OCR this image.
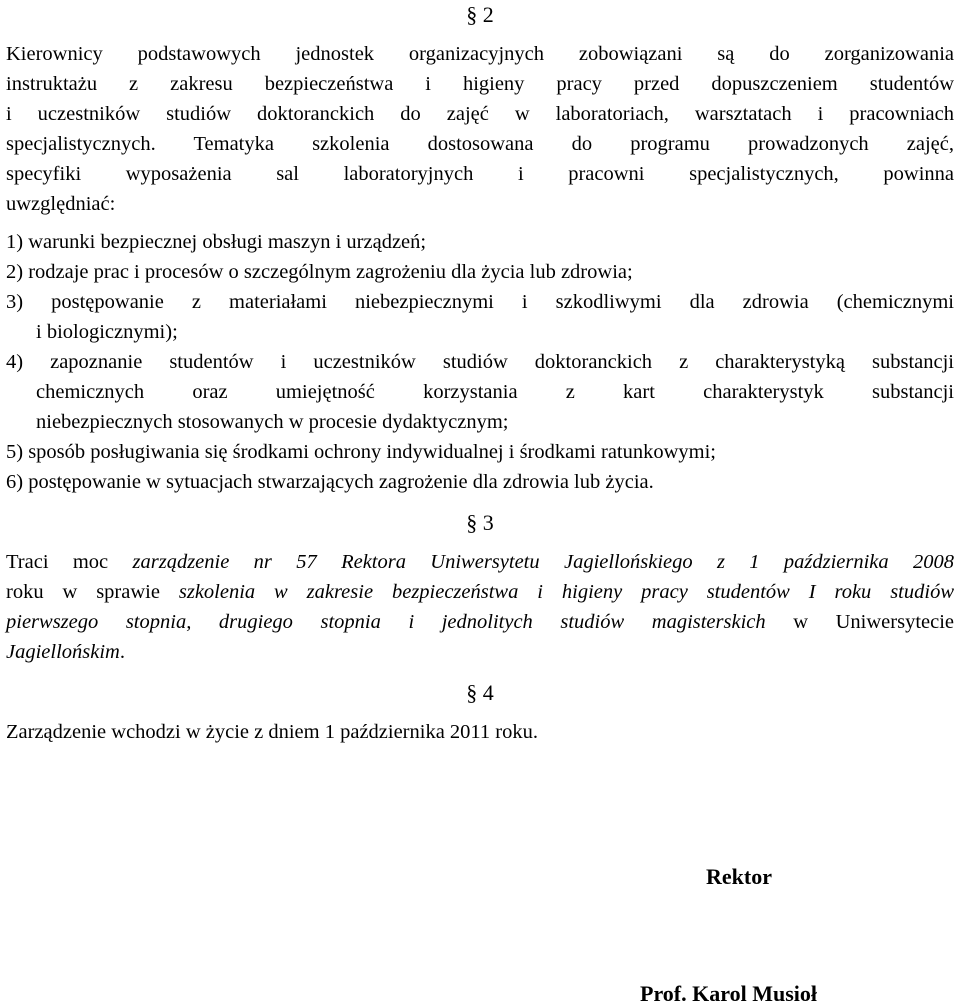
§ 2
Kierownicy podstawowych jednostek organizacyjnych zobowiązani są do zorganizowania
instruktażu z zakresu bezpieczeństwa i higieny pracy przed dopuszczeniem studentów
i uczestników studiów doktoranckich do zajęć w laboratoriach, warsztatach i pracowniach
specjalistycznych. Tematyka szkolenia dostosowana do programu prowadzonych zajęć,
specyfiki wyposażenia sal laboratoryjnych i pracowni specjalistycznych, powinna
uwzględniać:
1) warunki bezpiecznej obsługi maszyn i urządzeń;
2) rodzaje prac i procesów o szczególnym zagrożeniu dla życia lub zdrowia;
3) postępowanie z materiałami niebezpiecznymi i szkodliwymi dla zdrowia (chemicznymi
i biologicznymi);
4) zapoznanie studentów i uczestników studiów doktoranckich z charakterystyką substancji
chemicznych oraz umiejętność korzystania z kart charakterystyk substancji
niebezpiecznych stosowanych w procesie dydaktycznym;
5) sposób posługiwania się środkami ochrony indywidualnej i środkami ratunkowymi;
6) postępowanie w sytuacjach stwarzających zagrożenie dla zdrowia lub życia.
§ 3
Traci moc zarządzenie nr 57 Rektora Uniwersytetu Jagiellońskiego z 1 października 2008
roku w sprawie szkolenia w zakresie bezpieczeństwa i higieny pracy studentów I roku studiów
pierwszego stopnia, drugiego stopnia i jednolitych studiów magisterskich w Uniwersytecie
Jagiellońskim.
§ 4
Zarządzenie wchodzi w życie z dniem 1 października 2011 roku.
Rektor
Prof. Karol Musioł
